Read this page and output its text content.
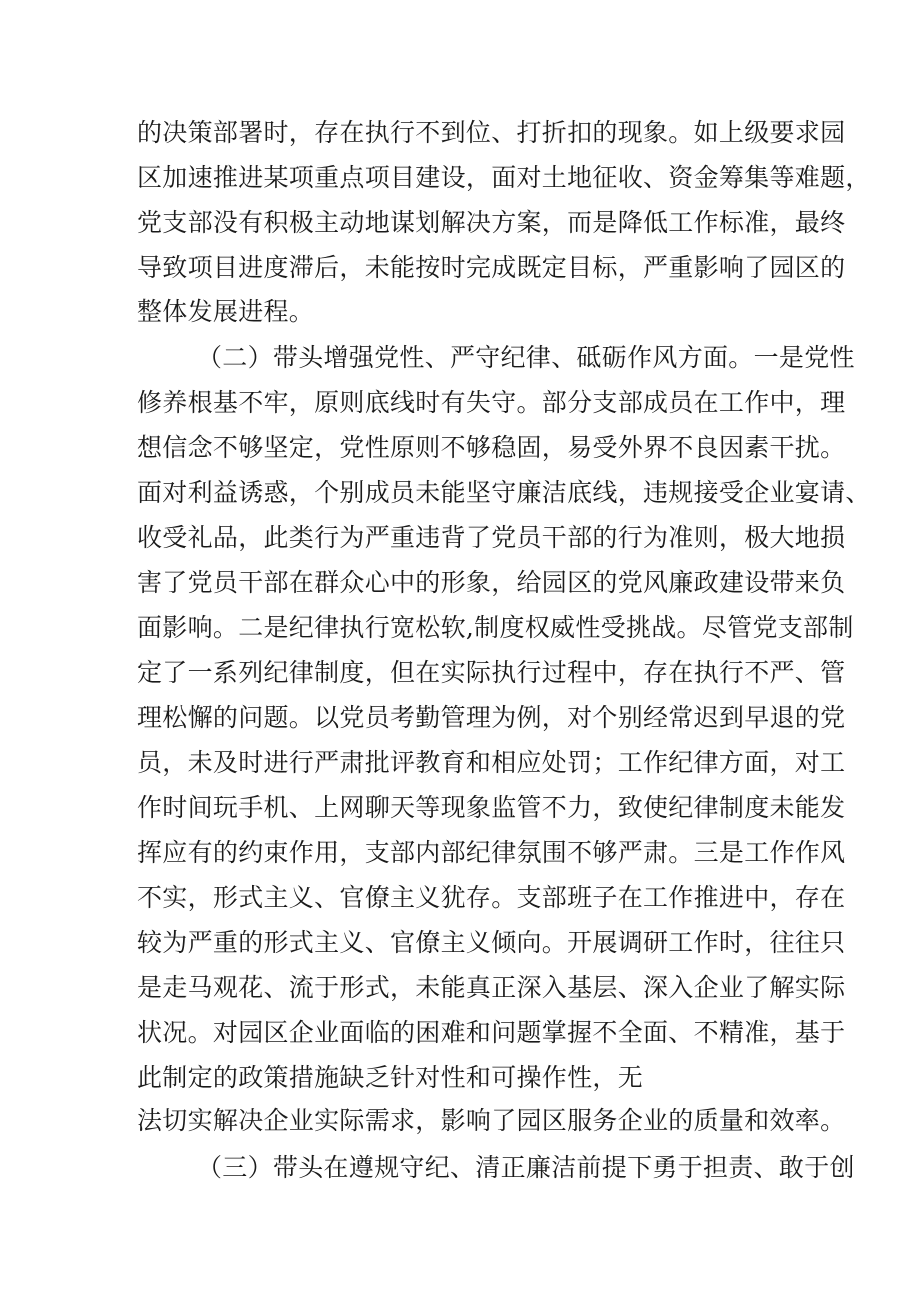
的决策部署时，存在执行不到位、打折扣的现象。如上级要求园
区加速推进某项重点项目建设，面对土地征收、资金筹集等难题，
党支部没有积极主动地谋划解决方案，而是降低工作标准，最终
导致项目进度滞后，未能按时完成既定目标，严重影响了园区的
整体发展进程。
（二）带头增强党性、严守纪律、砥砺作风方面。一是党性
修养根基不牢，原则底线时有失守。部分支部成员在工作中，理
想信念不够坚定，党性原则不够稳固，易受外界不良因素干扰。
面对利益诱惑，个别成员未能坚守廉洁底线，违规接受企业宴请、
收受礼品，此类行为严重违背了党员干部的行为准则，极大地损
害了党员干部在群众心中的形象，给园区的党风廉政建设带来负
面影响。二是纪律执行宽松软,制度权威性受挑战。尽管党支部制
定了一系列纪律制度，但在实际执行过程中，存在执行不严、管
理松懈的问题。以党员考勤管理为例，对个别经常迟到早退的党
员，未及时进行严肃批评教育和相应处罚；工作纪律方面，对工
作时间玩手机、上网聊天等现象监管不力，致使纪律制度未能发
挥应有的约束作用，支部内部纪律氛围不够严肃。三是工作作风
不实，形式主义、官僚主义犹存。支部班子在工作推进中，存在
较为严重的形式主义、官僚主义倾向。开展调研工作时，往往只
是走马观花、流于形式，未能真正深入基层、深入企业了解实际
状况。对园区企业面临的困难和问题掌握不全面、不精准，基于
此制定的政策措施缺乏针对性和可操作性，无
法切实解决企业实际需求，影响了园区服务企业的质量和效率。
（三）带头在遵规守纪、清正廉洁前提下勇于担责、敢于创
